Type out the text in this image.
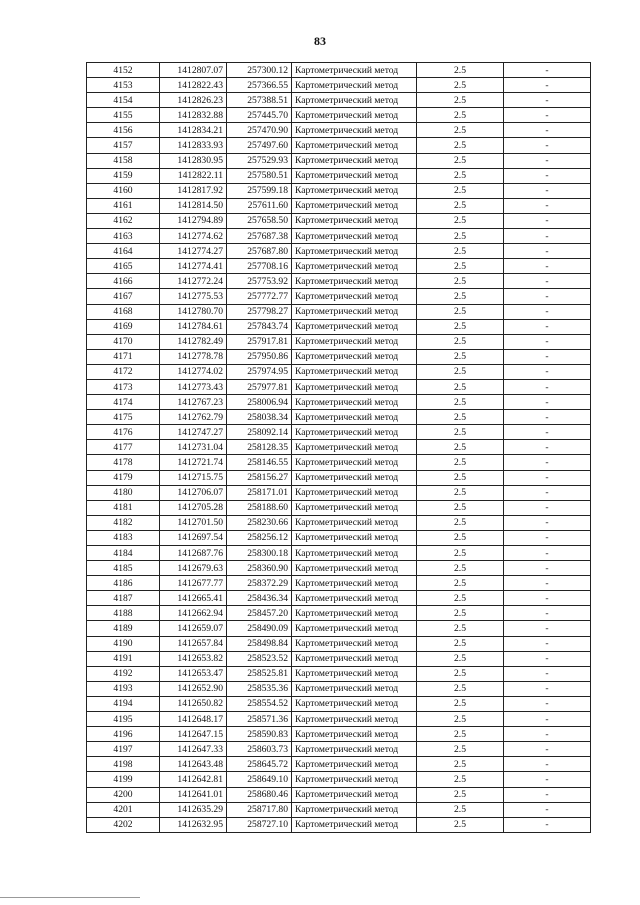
83
4152	1412807.07	257300.12	Картометрический метод	2.5	-
4153	1412822.43	257366.55	Картометрический метод	2.5	-
4154	1412826.23	257388.51	Картометрический метод	2.5	-
4155	1412832.88	257445.70	Картометрический метод	2.5	-
4156	1412834.21	257470.90	Картометрический метод	2.5	-
4157	1412833.93	257497.60	Картометрический метод	2.5	-
4158	1412830.95	257529.93	Картометрический метод	2.5	-
4159	1412822.11	257580.51	Картометрический метод	2.5	-
4160	1412817.92	257599.18	Картометрический метод	2.5	-
4161	1412814.50	257611.60	Картометрический метод	2.5	-
4162	1412794.89	257658.50	Картометрический метод	2.5	-
4163	1412774.62	257687.38	Картометрический метод	2.5	-
4164	1412774.27	257687.80	Картометрический метод	2.5	-
4165	1412774.41	257708.16	Картометрический метод	2.5	-
4166	1412772.24	257753.92	Картометрический метод	2.5	-
4167	1412775.53	257772.77	Картометрический метод	2.5	-
4168	1412780.70	257798.27	Картометрический метод	2.5	-
4169	1412784.61	257843.74	Картометрический метод	2.5	-
4170	1412782.49	257917.81	Картометрический метод	2.5	-
4171	1412778.78	257950.86	Картометрический метод	2.5	-
4172	1412774.02	257974.95	Картометрический метод	2.5	-
4173	1412773.43	257977.81	Картометрический метод	2.5	-
4174	1412767.23	258006.94	Картометрический метод	2.5	-
4175	1412762.79	258038.34	Картометрический метод	2.5	-
4176	1412747.27	258092.14	Картометрический метод	2.5	-
4177	1412731.04	258128.35	Картометрический метод	2.5	-
4178	1412721.74	258146.55	Картометрический метод	2.5	-
4179	1412715.75	258156.27	Картометрический метод	2.5	-
4180	1412706.07	258171.01	Картометрический метод	2.5	-
4181	1412705.28	258188.60	Картометрический метод	2.5	-
4182	1412701.50	258230.66	Картометрический метод	2.5	-
4183	1412697.54	258256.12	Картометрический метод	2.5	-
4184	1412687.76	258300.18	Картометрический метод	2.5	-
4185	1412679.63	258360.90	Картометрический метод	2.5	-
4186	1412677.77	258372.29	Картометрический метод	2.5	-
4187	1412665.41	258436.34	Картометрический метод	2.5	-
4188	1412662.94	258457.20	Картометрический метод	2.5	-
4189	1412659.07	258490.09	Картометрический метод	2.5	-
4190	1412657.84	258498.84	Картометрический метод	2.5	-
4191	1412653.82	258523.52	Картометрический метод	2.5	-
4192	1412653.47	258525.81	Картометрический метод	2.5	-
4193	1412652.90	258535.36	Картометрический метод	2.5	-
4194	1412650.82	258554.52	Картометрический метод	2.5	-
4195	1412648.17	258571.36	Картометрический метод	2.5	-
4196	1412647.15	258590.83	Картометрический метод	2.5	-
4197	1412647.33	258603.73	Картометрический метод	2.5	-
4198	1412643.48	258645.72	Картометрический метод	2.5	-
4199	1412642.81	258649.10	Картометрический метод	2.5	-
4200	1412641.01	258680.46	Картометрический метод	2.5	-
4201	1412635.29	258717.80	Картометрический метод	2.5	-
4202	1412632.95	258727.10	Картометрический метод	2.5	-
